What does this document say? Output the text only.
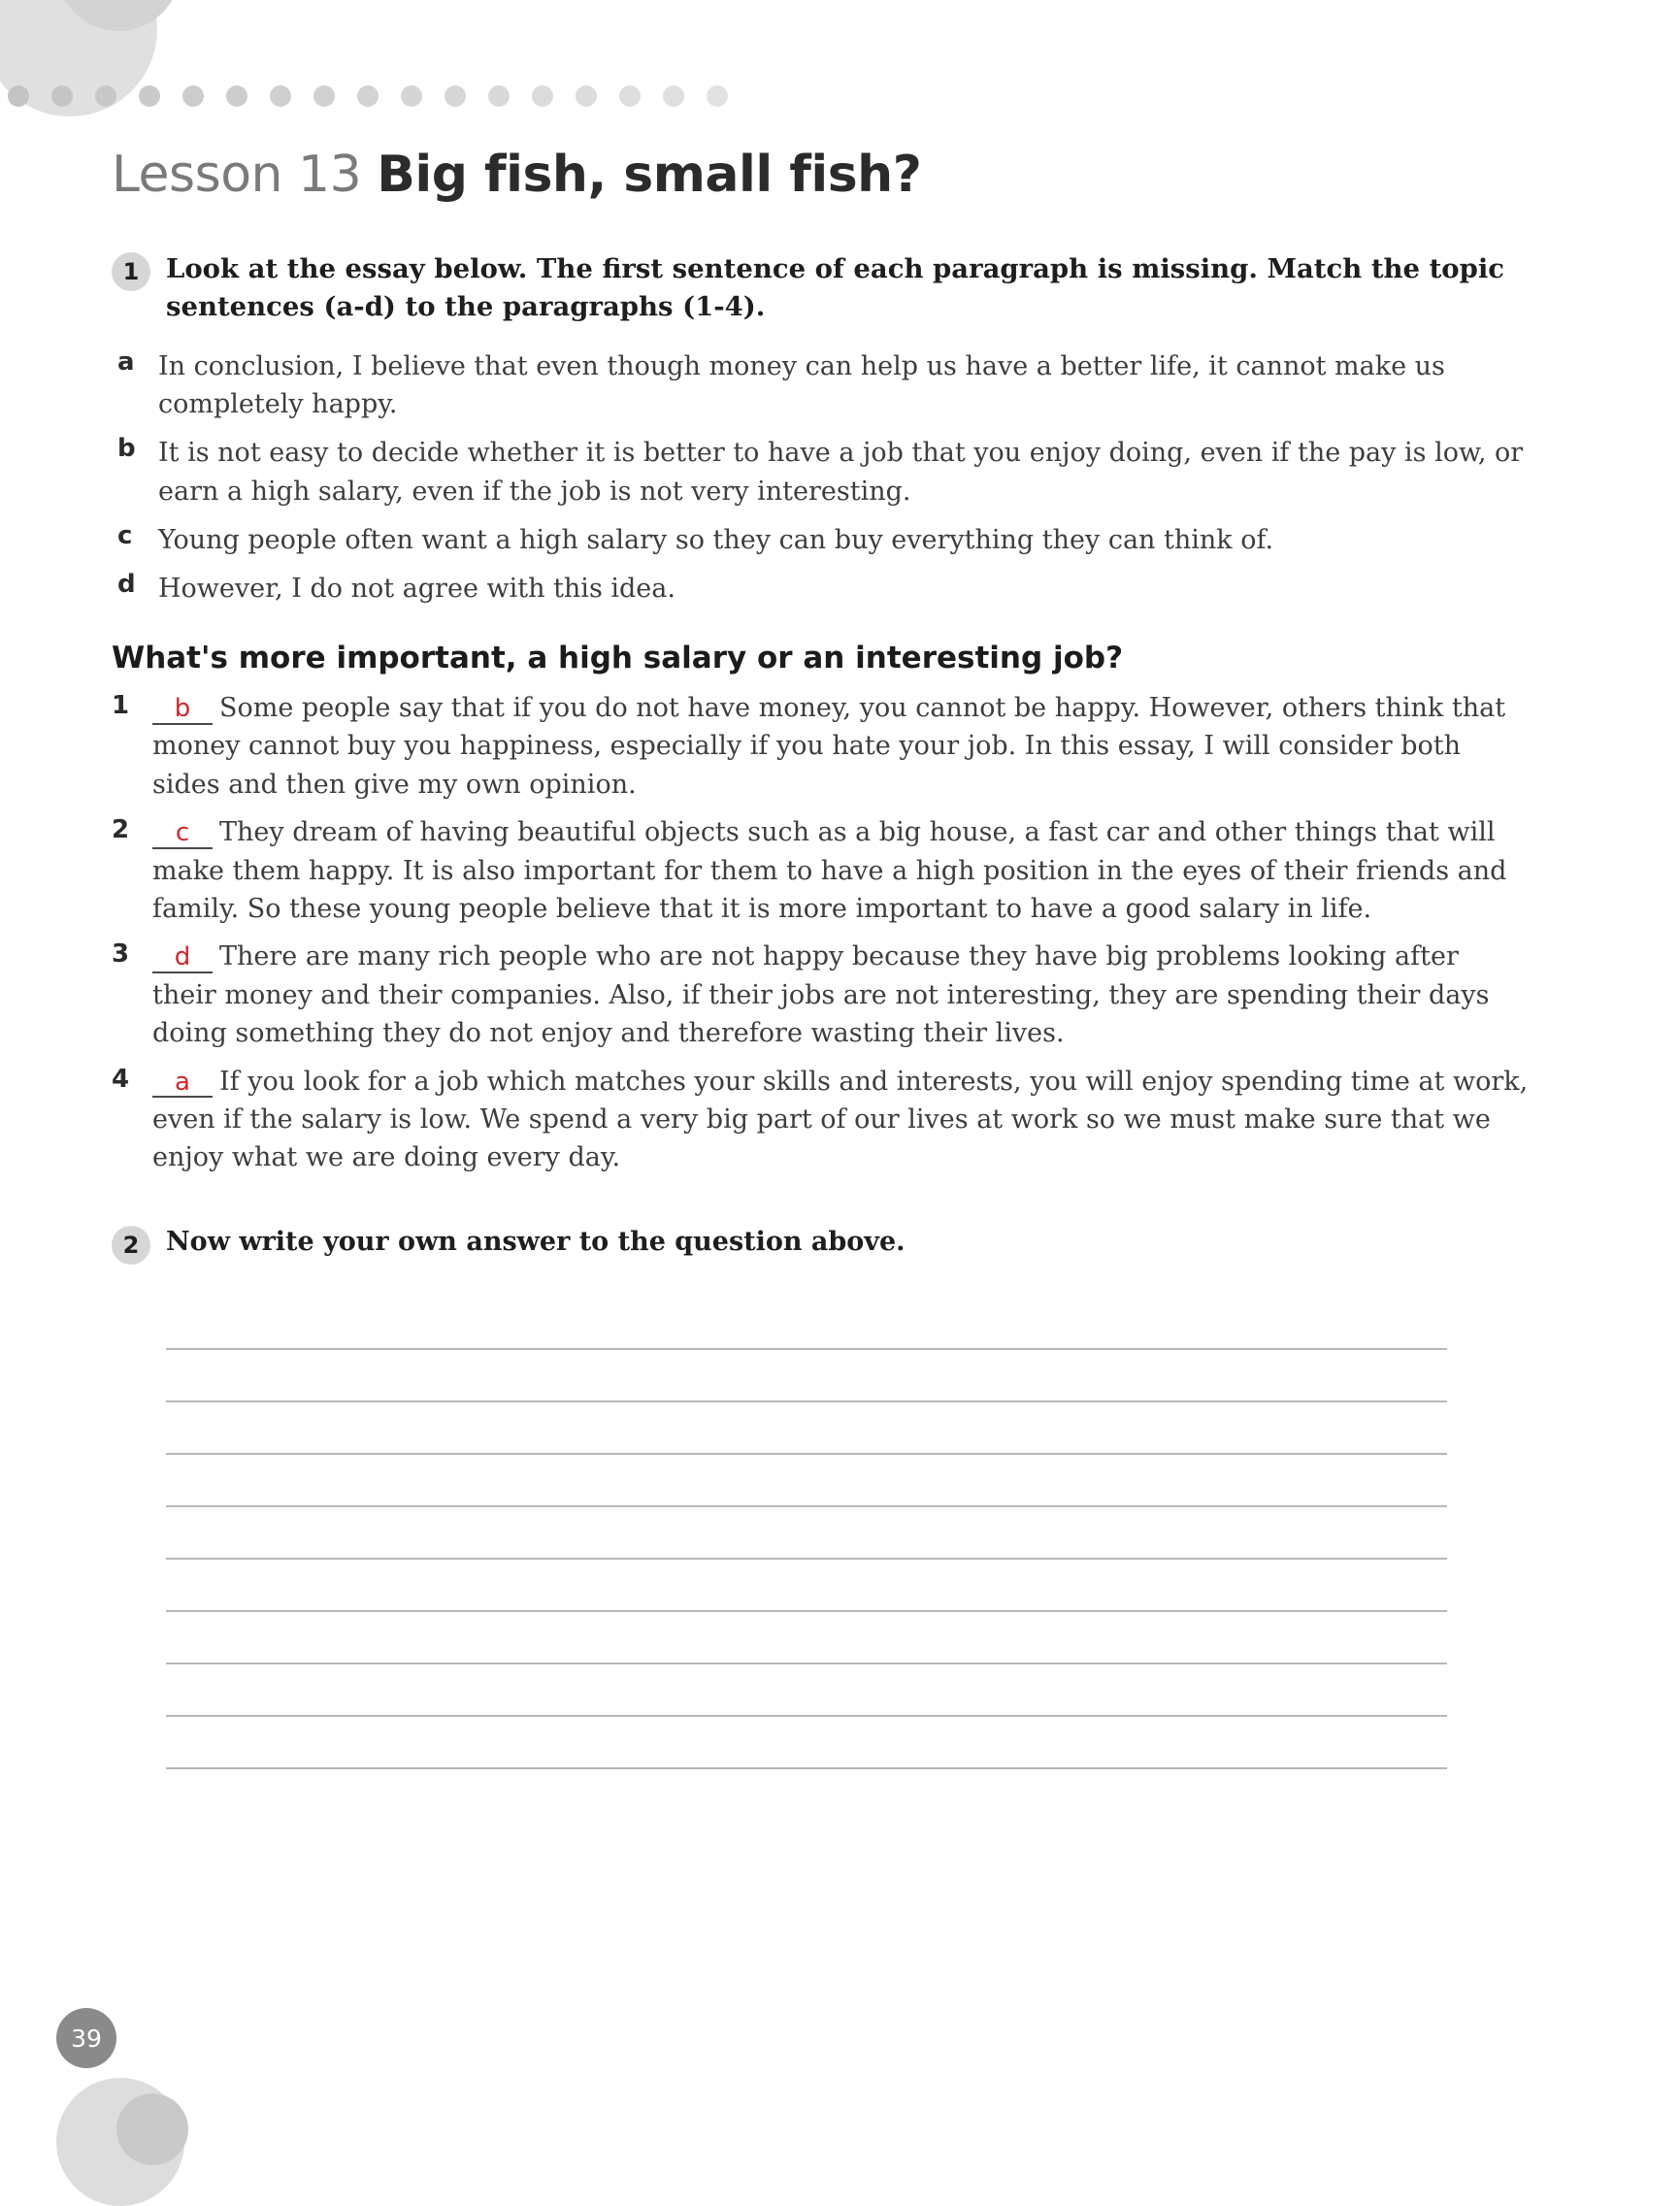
Lesson 13 Big fish, small fish?
1	Look at the essay below. The first sentence of each paragraph is missing. Match the topic sentences (a-d) to the paragraphs (1-4).
a In conclusion, I believe that even though money can help us have a better life, it cannot make us completely happy.
b It is not easy to decide whether it is better to have a job that you enjoy doing, even if the pay is low, or earn a high salary, even if the job is not very interesting.
c Young people often want a high salary so they can buy everything they can think of.
d However, I do not agree with this idea.
What's more important, a high salary or an interesting job?
1	b Some people say that if you do not have money, you cannot be happy. However, others think that money cannot buy you happiness, especially if you hate your job. In this essay, I will consider both sides and then give my own opinion.
2	c They dream of having beautiful objects such as a big house, a fast car and other things that will make them happy. It is also important for them to have a high position in the eyes of their friends and family. So these young people believe that it is more important to have a good salary in life.
3	d There are many rich people who are not happy because they have big problems looking after their money and their companies. Also, if their jobs are not interesting, they are spending their days doing something they do not enjoy and therefore wasting their lives.
4	a If you look for a job which matches your skills and interests, you will enjoy spending time at work, even if the salary is low. We spend a very big part of our lives at work so we must make sure that we enjoy what we are doing every day.
2	Now write your own answer to the question above.
39
